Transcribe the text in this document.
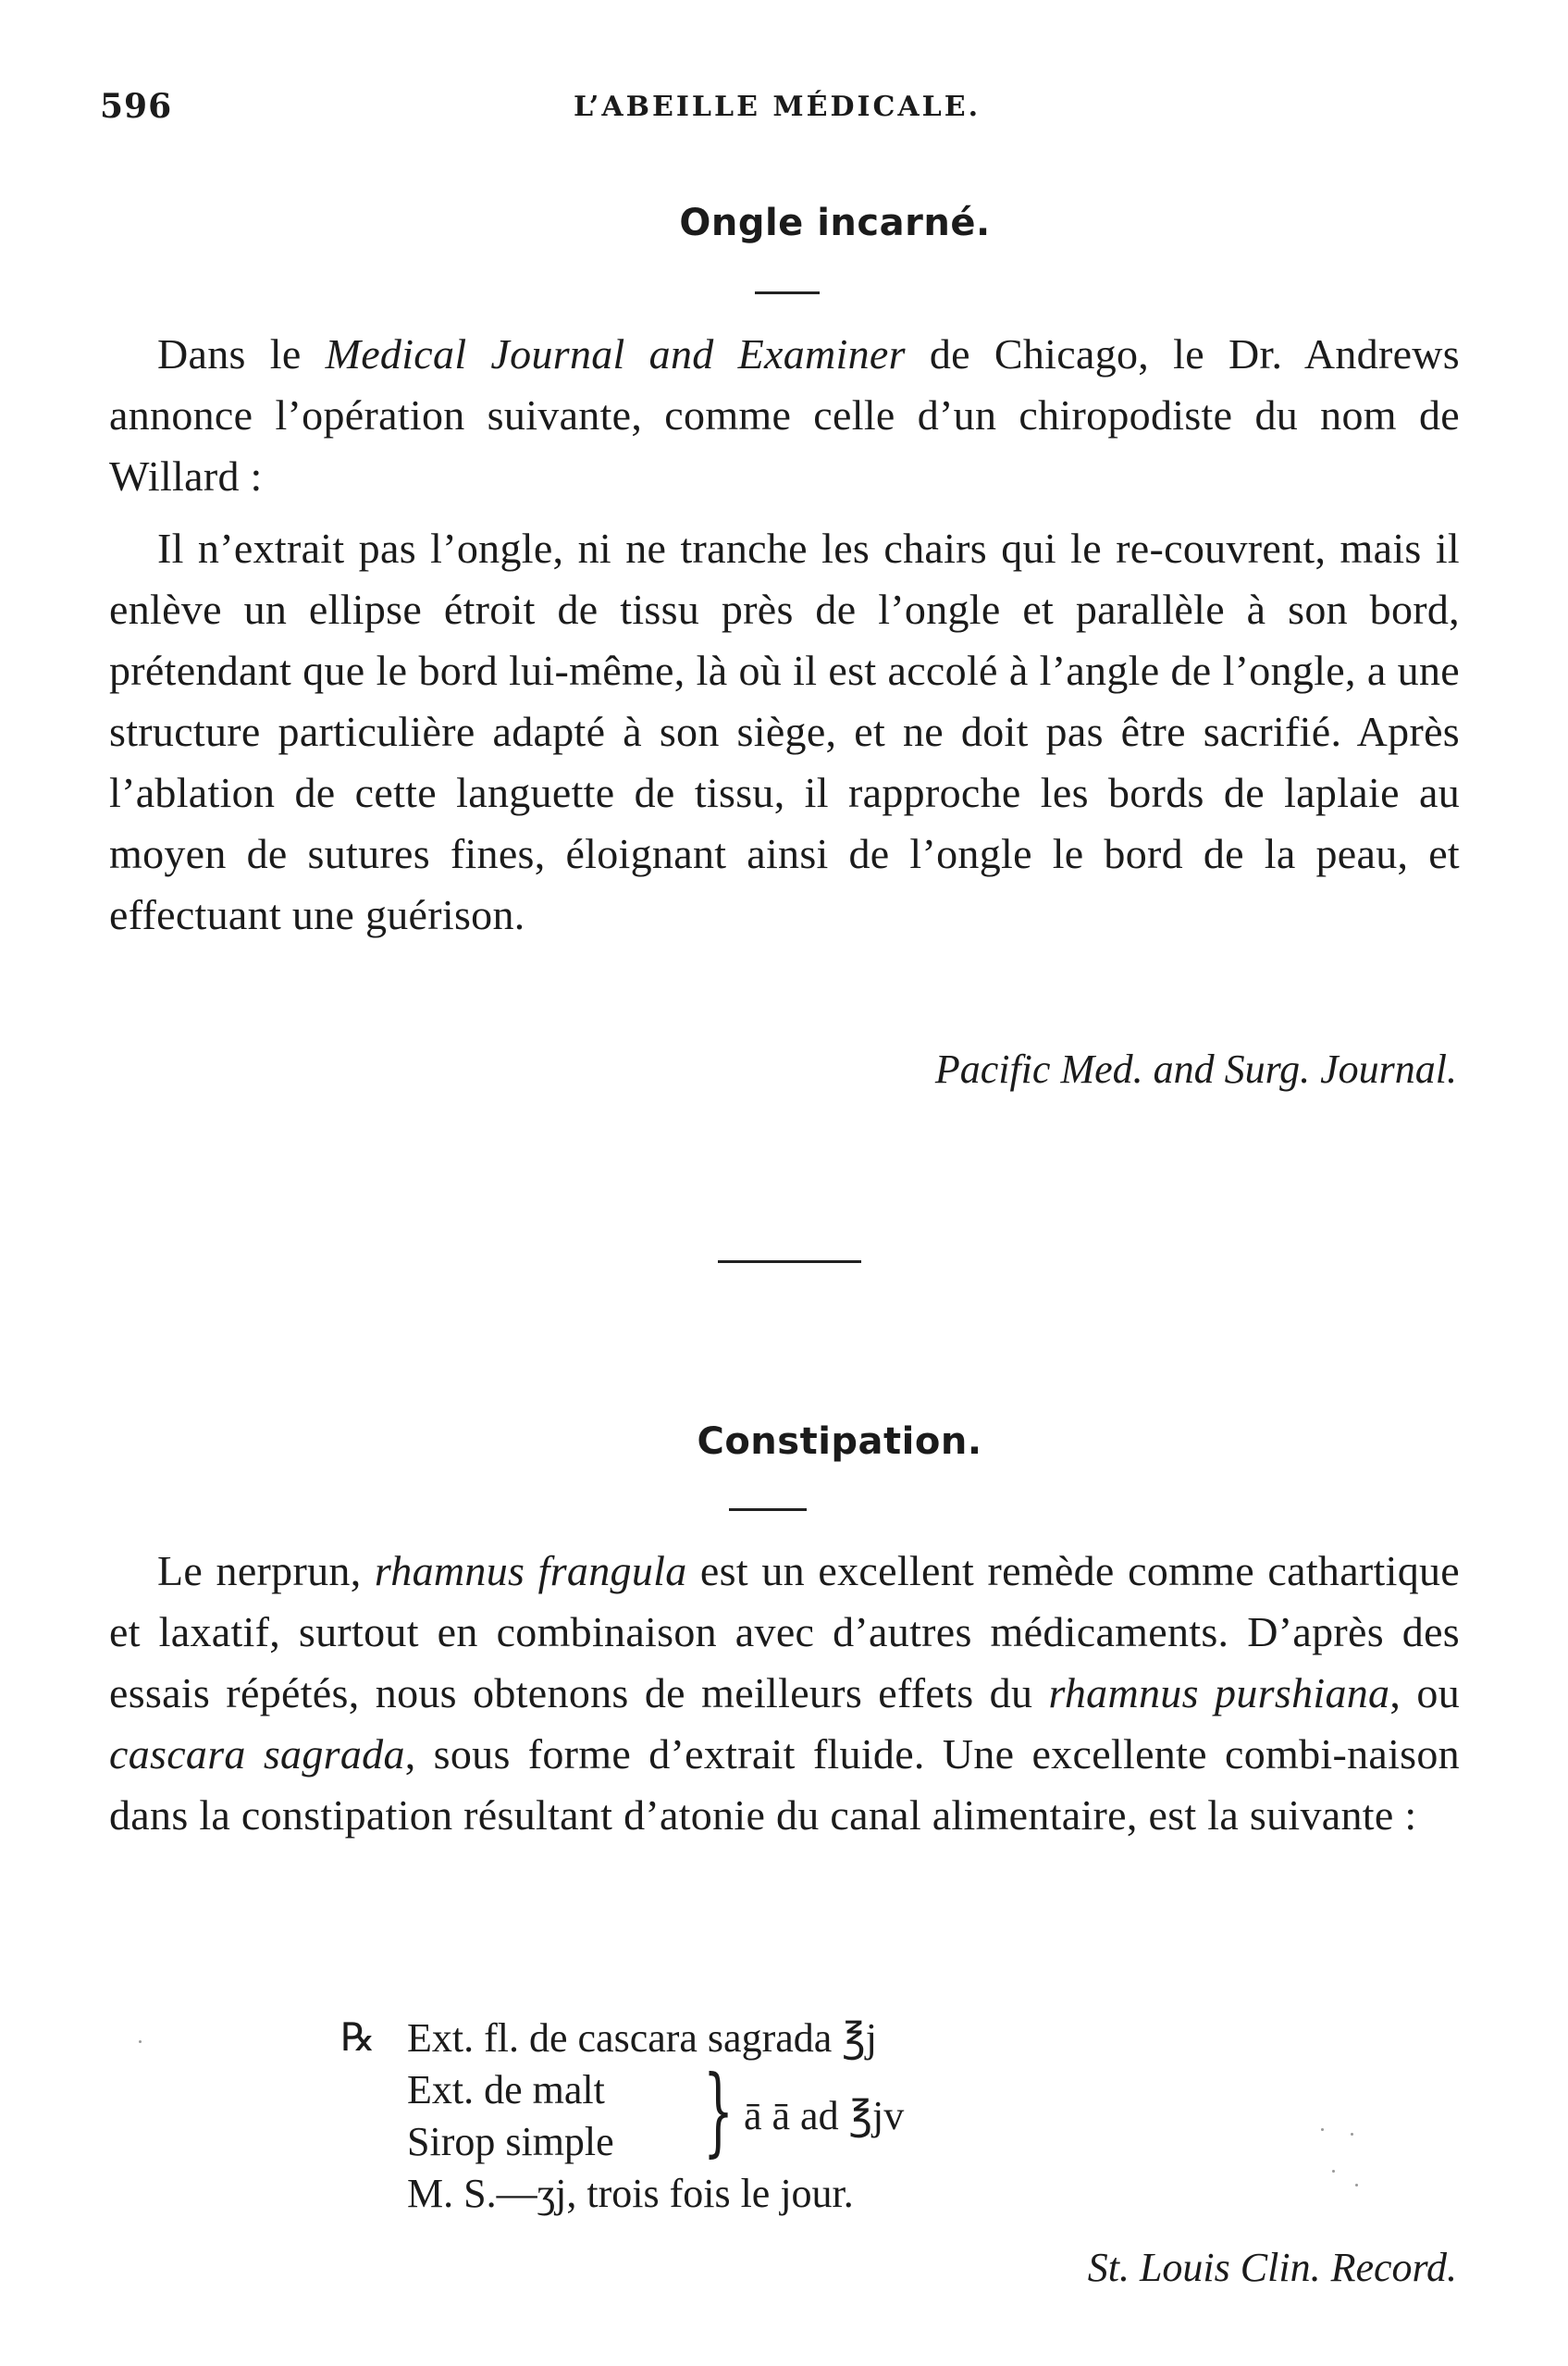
596	L’ABEILLE MÉDICALE.
Ongle incarné.

Dans le Medical Journal and Examiner de Chicago, le Dr. Andrews annonce l’opération suivante, comme celle d’un chiropodiste du nom de Willard :

Il n’extrait pas l’ongle, ni ne tranche les chairs qui le re-couvrent, mais il enlève un ellipse étroit de tissu près de l’ongle et parallèle à son bord, prétendant que le bord lui-même, là où il est accolé à l’angle de l’ongle, a une structure particulière adapté à son siège, et ne doit pas être sacrifié. Après l’ablation de cette languette de tissu, il rapproche les bords de laplaie au moyen de sutures fines, éloignant ainsi de l’ongle le bord de la peau, et effectuant une guérison.

Pacific Med. and Surg. Journal.
Constipation.

Le nerprun, rhamnus frangula est un excellent remède comme cathartique et laxatif, surtout en combinaison avec d’autres médicaments. D’après des essais répétés, nous obtenons de meilleurs effets du rhamnus purshiana, ou cascara sagrada, sous forme d’extrait fluide. Une excellente combi-naison dans la constipation résultant d’atonie du canal alimentaire, est la suivante :

℞ Ext. fl. de cascara sagrada ℥j
Ext. de malt
Sirop simple } ā ā ad ℥jv
M. S.—ʒj, trois fois le jour.
St. Louis Clin. Record.
